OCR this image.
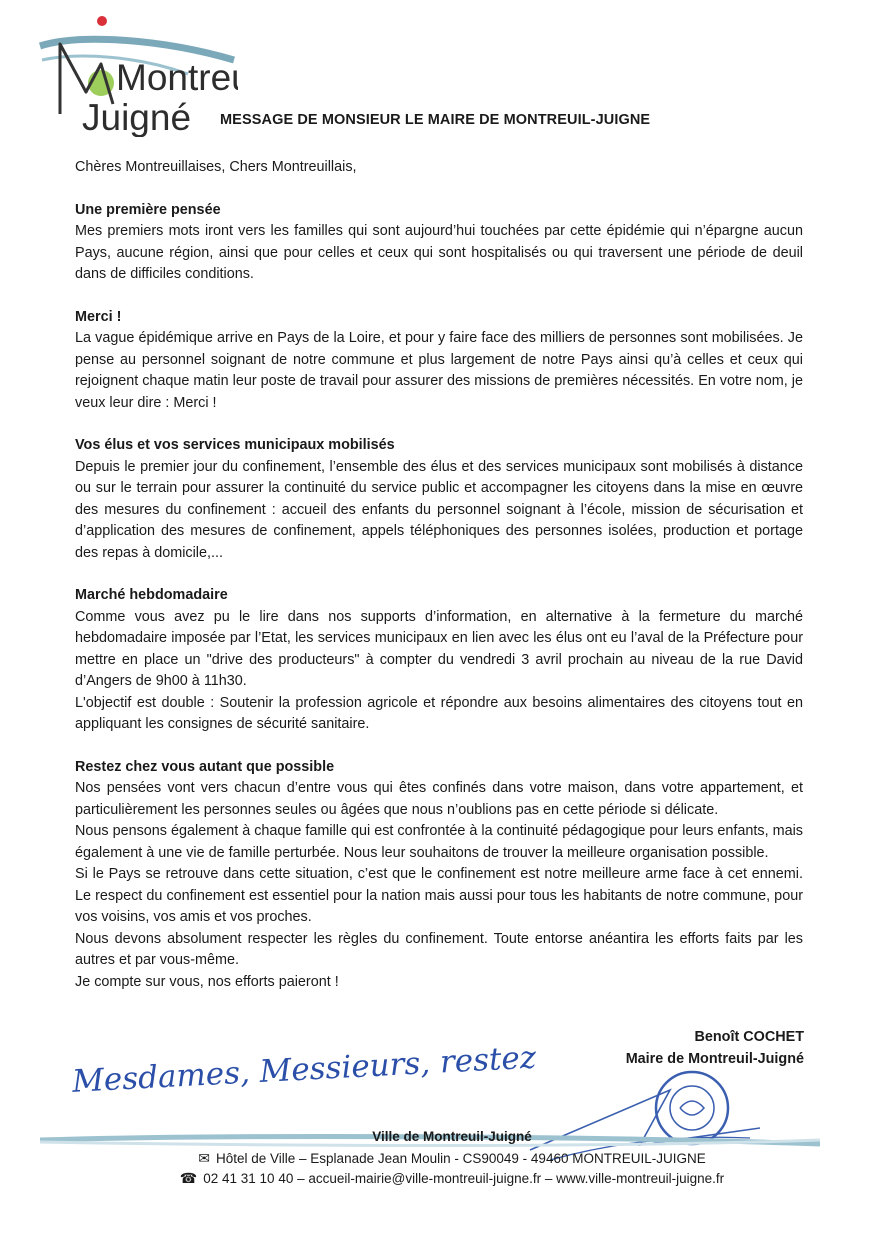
Montre
Juigné MESSAGE DE MONSIEUR LE MAIRE DE MONTREUIL-JUIGNE

Chères Montreuillaises, Chers Montreuillais,

Une première pensée

Mes premiers mots iront vers les familles qui sont aujourd’hui touchées par cette épidémie qui n’épargne aucun Pays, aucune région, ainsi que pour celles et ceux qui sont hospitalisés ou qui traversent une période de deuil dans de difficiles conditions.

Merci !

La vague épidémique arrive en Pays de la Loire, et pour y faire face des milliers de personnes sont mobilisées. Je pense au personnel soignant de notre commune et plus largement de notre Pays ainsi qu’à celles et ceux qui rejoignent chaque matin leur poste de travail pour assurer des missions de premières nécessités. En votre nom, je veux leur dire : Merci !

Vos élus et vos services municipaux mobilisés

Depuis le premier jour du confinement, l’ensemble des élus et des services municipaux sont mobilisés à distance ou sur le terrain pour assurer la continuité du service public et accompagner les citoyens dans la mise en œuvre des mesures du confinement : accueil des enfants du personnel soignant à l’école, mission de sécurisation et d’application des mesures de confinement, appels téléphoniques des personnes isolées, production et portage des repas à domicile,...

Marché hebdomadaire

Comme vous avez pu le lire dans nos supports d’information, en alternative à la fermeture du marché hebdomadaire imposée par l’Etat, les services municipaux en lien avec les élus ont eu l’aval de la Préfecture pour mettre en place un "drive des producteurs" à compter du vendredi 3 avril prochain au niveau de la rue David d’Angers de 9h00 à 11h30.

L'objectif est double : Soutenir la profession agricole et répondre aux besoins alimentaires des citoyens tout en appliquant les consignes de sécurité sanitaire.

Restez chez vous autant que possible

Nos pensées vont vers chacun d’entre vous qui êtes confinés dans votre maison, dans votre appartement, et particulièrement les personnes seules ou âgées que nous n’oublions pas en cette période si délicate.

Nous pensons également à chaque famille qui est confrontée à la continuité pédagogique pour leurs enfants, mais également à une vie de famille perturbée. Nous leur souhaitons de trouver la meilleure organisation possible.

Si le Pays se retrouve dans cette situation, c’est que le confinement est notre meilleure arme face à cet ennemi. Le respect du confinement est essentiel pour la nation mais aussi pour tous les habitants de notre commune, pour vos voisins, vos amis et vos proches.

Nous devons absolument respecter les règles du confinement. Toute entorse anéantira les efforts faits par les autres et par vous-même.

Je compte sur vous, nos efforts paieront !

Mesdames, Messieurs, restez
Benoît COCHET
Maire de Montreuil-Juigné
Ville de Montreuil-Juigné
✉ Hôtel de Ville – Esplanade Jean Moulin - CS90049 - 49460 MONTREUIL-JUIGNE
☎ 02 41 31 10 40 – accueil-mairie@ville-montreuil-juigne.fr – www.ville-montreuil-juigne.fr
